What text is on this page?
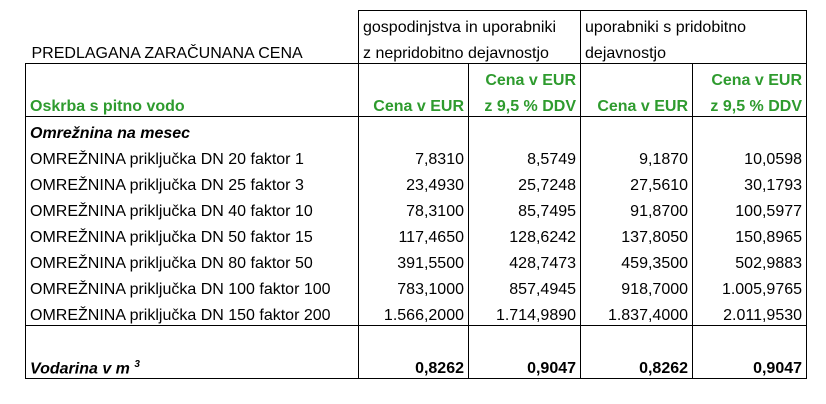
	gospodinjstva in uporabniki		uporabniki s pridobitno	
PREDLAGANA ZARAČUNANA CENA	z nepridobitno dejavnostjo		dejavnostjo	
		Cena v EUR		Cena v EUR
Oskrba s pitno vodo	Cena v EUR	z 9,5 % DDV	Cena v EUR	z 9,5 % DDV
Omrežnina na mesec				
OMREŽNINA priključka DN 20 faktor 1	7,8310	8,5749	9,1870	10,0598
OMREŽNINA priključka DN 25 faktor 3	23,4930	25,7248	27,5610	30,1793
OMREŽNINA priključka DN 40 faktor 10	78,3100	85,7495	91,8700	100,5977
OMREŽNINA priključka DN 50 faktor 15	117,4650	128,6242	137,8050	150,8965
OMREŽNINA priključka DN 80 faktor 50	391,5500	428,7473	459,3500	502,9883
OMREŽNINA priključka DN 100 faktor 100	783,1000	857,4945	918,7000	1.005,9765
OMREŽNINA priključka DN 150 faktor 200	1.566,2000	1.714,9890	1.837,4000	2.011,9530

Vodarina v m $^3$	0,8262	0,9047	0,8262	0,9047
